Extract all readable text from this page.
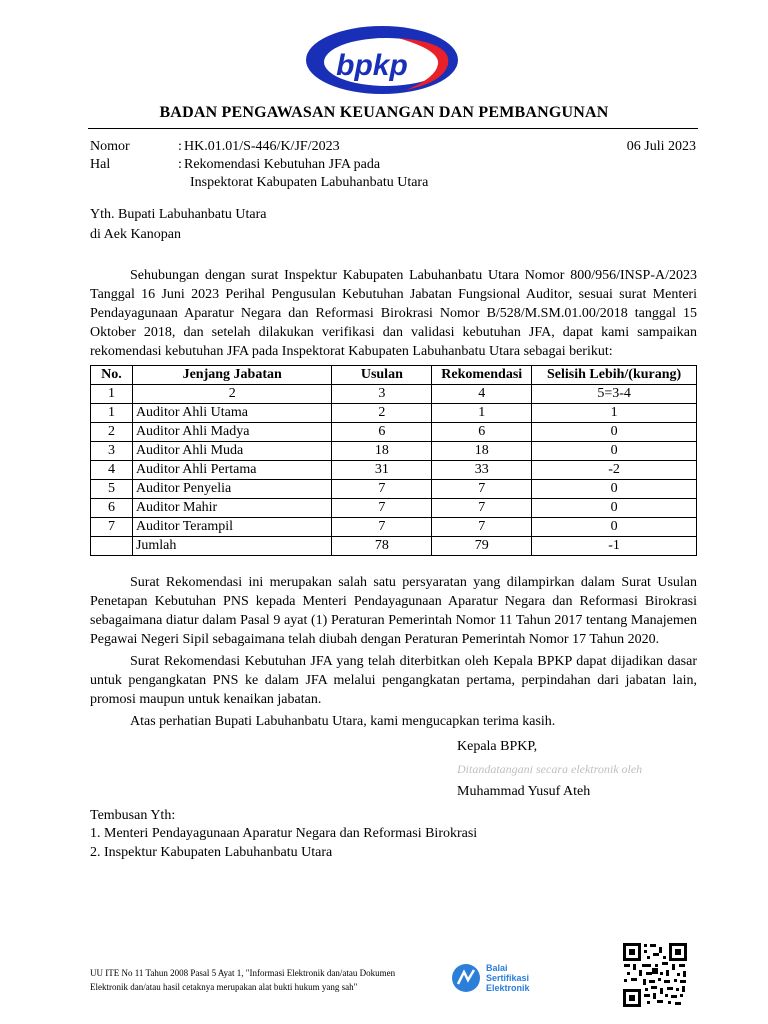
bpkp
BADAN PENGAWASAN KEUANGAN DAN PEMBANGUNAN
Nomor	: HK.01.01/S-446/K/JF/2023	06 Juli 2023
Hal	: Rekomendasi Kebutuhan JFA pada
Inspektorat Kabupaten Labuhanbatu Utara
Yth. Bupati Labuhanbatu Utara
di Aek Kanopan
Sehubungan dengan surat Inspektur Kabupaten Labuhanbatu Utara Nomor 800/956/INSP-A/2023 Tanggal 16 Juni 2023 Perihal Pengusulan Kebutuhan Jabatan Fungsional Auditor, sesuai surat Menteri Pendayagunaan Aparatur Negara dan Reformasi Birokrasi Nomor B/528/M.SM.01.00/2018 tanggal 15 Oktober 2018, dan setelah dilakukan verifikasi dan validasi kebutuhan JFA, dapat kami sampaikan rekomendasi kebutuhan JFA pada Inspektorat Kabupaten Labuhanbatu Utara sebagai berikut:
No.	Jenjang Jabatan	Usulan	Rekomendasi	Selisih Lebih/(kurang)
1	2	3	4	5=3-4
1	Auditor Ahli Utama	2	1	1
2	Auditor Ahli Madya	6	6	0
3	Auditor Ahli Muda	18	18	0
4	Auditor Ahli Pertama	31	33	-2
5	Auditor Penyelia	7	7	0
6	Auditor Mahir	7	7	0
7	Auditor Terampil	7	7	0
	Jumlah	78	79	-1
Surat Rekomendasi ini merupakan salah satu persyaratan yang dilampirkan dalam Surat Usulan Penetapan Kebutuhan PNS kepada Menteri Pendayagunaan Aparatur Negara dan Reformasi Birokrasi sebagaimana diatur dalam Pasal 9 ayat (1) Peraturan Pemerintah Nomor 11 Tahun 2017 tentang Manajemen Pegawai Negeri Sipil sebagaimana telah diubah dengan Peraturan Pemerintah Nomor 17 Tahun 2020.
Surat Rekomendasi Kebutuhan JFA yang telah diterbitkan oleh Kepala BPKP dapat dijadikan dasar untuk pengangkatan PNS ke dalam JFA melalui pengangkatan pertama, perpindahan dari jabatan lain, promosi maupun untuk kenaikan jabatan.
Atas perhatian Bupati Labuhanbatu Utara, kami mengucapkan terima kasih.
Kepala BPKP,
Ditandatangani secara elektronik oleh
Muhammad Yusuf Ateh
Tembusan Yth:
1. Menteri Pendayagunaan Aparatur Negara dan Reformasi Birokrasi
2. Inspektur Kabupaten Labuhanbatu Utara
UU ITE No 11 Tahun 2008 Pasal 5 Ayat 1, "Informasi Elektronik dan/atau Dokumen
Elektronik dan/atau hasil cetaknya merupakan alat bukti hukum yang sah"
Balai
Sertifikasi
Elektronik
